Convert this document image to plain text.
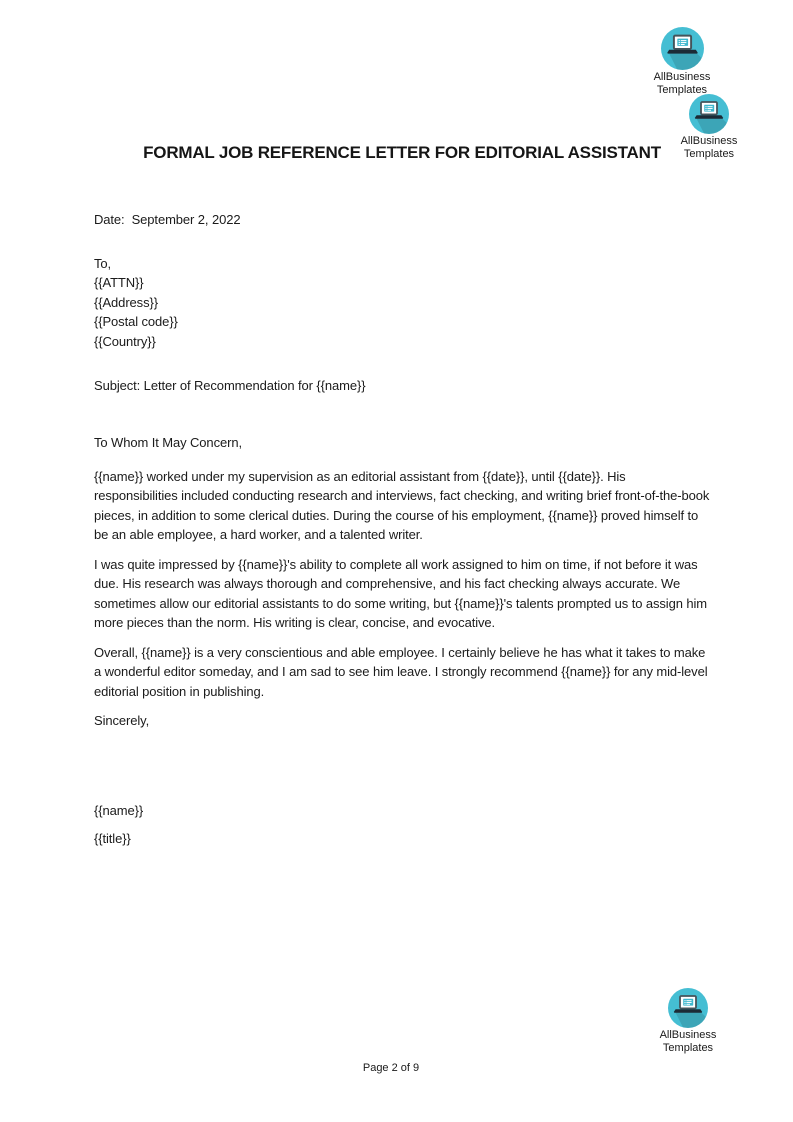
AllBusiness
Templates
AllBusiness
Templates
FORMAL JOB REFERENCE LETTER FOR EDITORIAL ASSISTANT
Date:  September 2, 2022
To,
{{ATTN}}
{{Address}}
{{Postal code}}
{{Country}}
Subject: Letter of Recommendation for {{name}}
To Whom It May Concern,
{{name}} worked under my supervision as an editorial assistant from {{date}}, until {{date}}. His responsibilities included conducting research and interviews, fact checking, and writing brief front-of-the-book pieces, in addition to some clerical duties. During the course of his employment, {{name}} proved himself to be an able employee, a hard worker, and a talented writer.
I was quite impressed by {{name}}'s ability to complete all work assigned to him on time, if not before it was due. His research was always thorough and comprehensive, and his fact checking always accurate. We sometimes allow our editorial assistants to do some writing, but {{name}}'s talents prompted us to assign him more pieces than the norm. His writing is clear, concise, and evocative.
Overall, {{name}} is a very conscientious and able employee. I certainly believe he has what it takes to make a wonderful editor someday, and I am sad to see him leave. I strongly recommend {{name}} for any mid-level editorial position in publishing.
Sincerely,
{{name}}
{{title}}
AllBusiness
Templates
Page 2 of 9
